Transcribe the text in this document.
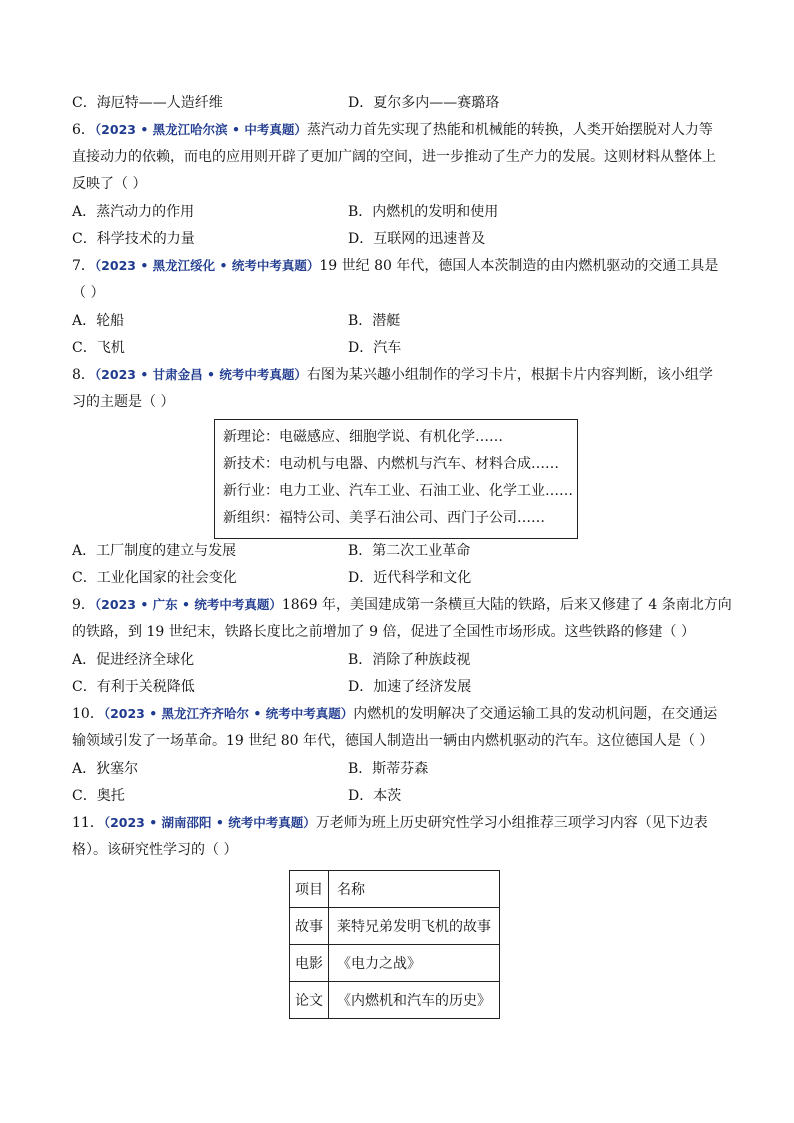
C．海厄特——人造纤维	D．夏尔多内——赛璐珞
6．（2023 • 黑龙江哈尔滨 • 中考真题）蒸汽动力首先实现了热能和机械能的转换，人类开始摆脱对人力等
直接动力的依赖，而电的应用则开辟了更加广阔的空间，进一步推动了生产力的发展。这则材料从整体上
反映了（ ）
A．蒸汽动力的作用	B．内燃机的发明和使用
C．科学技术的力量	D．互联网的迅速普及
7．（2023 • 黑龙江绥化 • 统考中考真题）19 世纪 80 年代，德国人本茨制造的由内燃机驱动的交通工具是
（ ）
A．轮船	B．潜艇
C．飞机	D．汽车
8．（2023 • 甘肃金昌 • 统考中考真题）右图为某兴趣小组制作的学习卡片，根据卡片内容判断，该小组学
习的主题是（ ）
新理论：电磁感应、细胞学说、有机化学……
新技术：电动机与电器、内燃机与汽车、材料合成……
新行业：电力工业、汽车工业、石油工业、化学工业……
新组织：福特公司、美孚石油公司、西门子公司……
A．工厂制度的建立与发展	B．第二次工业革命
C．工业化国家的社会变化	D．近代科学和文化
9．（2023 • 广东 • 统考中考真题）1869 年，美国建成第一条横亘大陆的铁路，后来又修建了 4 条南北方向
的铁路，到 19 世纪末，铁路长度比之前增加了 9 倍，促进了全国性市场形成。这些铁路的修建（ ）
A．促进经济全球化	B．消除了种族歧视
C．有利于关税降低	D．加速了经济发展
10．（2023 • 黑龙江齐齐哈尔 • 统考中考真题）内燃机的发明解决了交通运输工具的发动机问题，在交通运
输领域引发了一场革命。19 世纪 80 年代，德国人制造出一辆由内燃机驱动的汽车。这位德国人是（ ）
A．狄塞尔	B．斯蒂芬森
C．奥托	D．本茨
11．（2023 • 湖南邵阳 • 统考中考真题）万老师为班上历史研究性学习小组推荐三项学习内容（见下边表
格）。该研究性学习的（ ）
项目	名称
故事	莱特兄弟发明飞机的故事
电影	《电力之战》
论文	《内燃机和汽车的历史》
